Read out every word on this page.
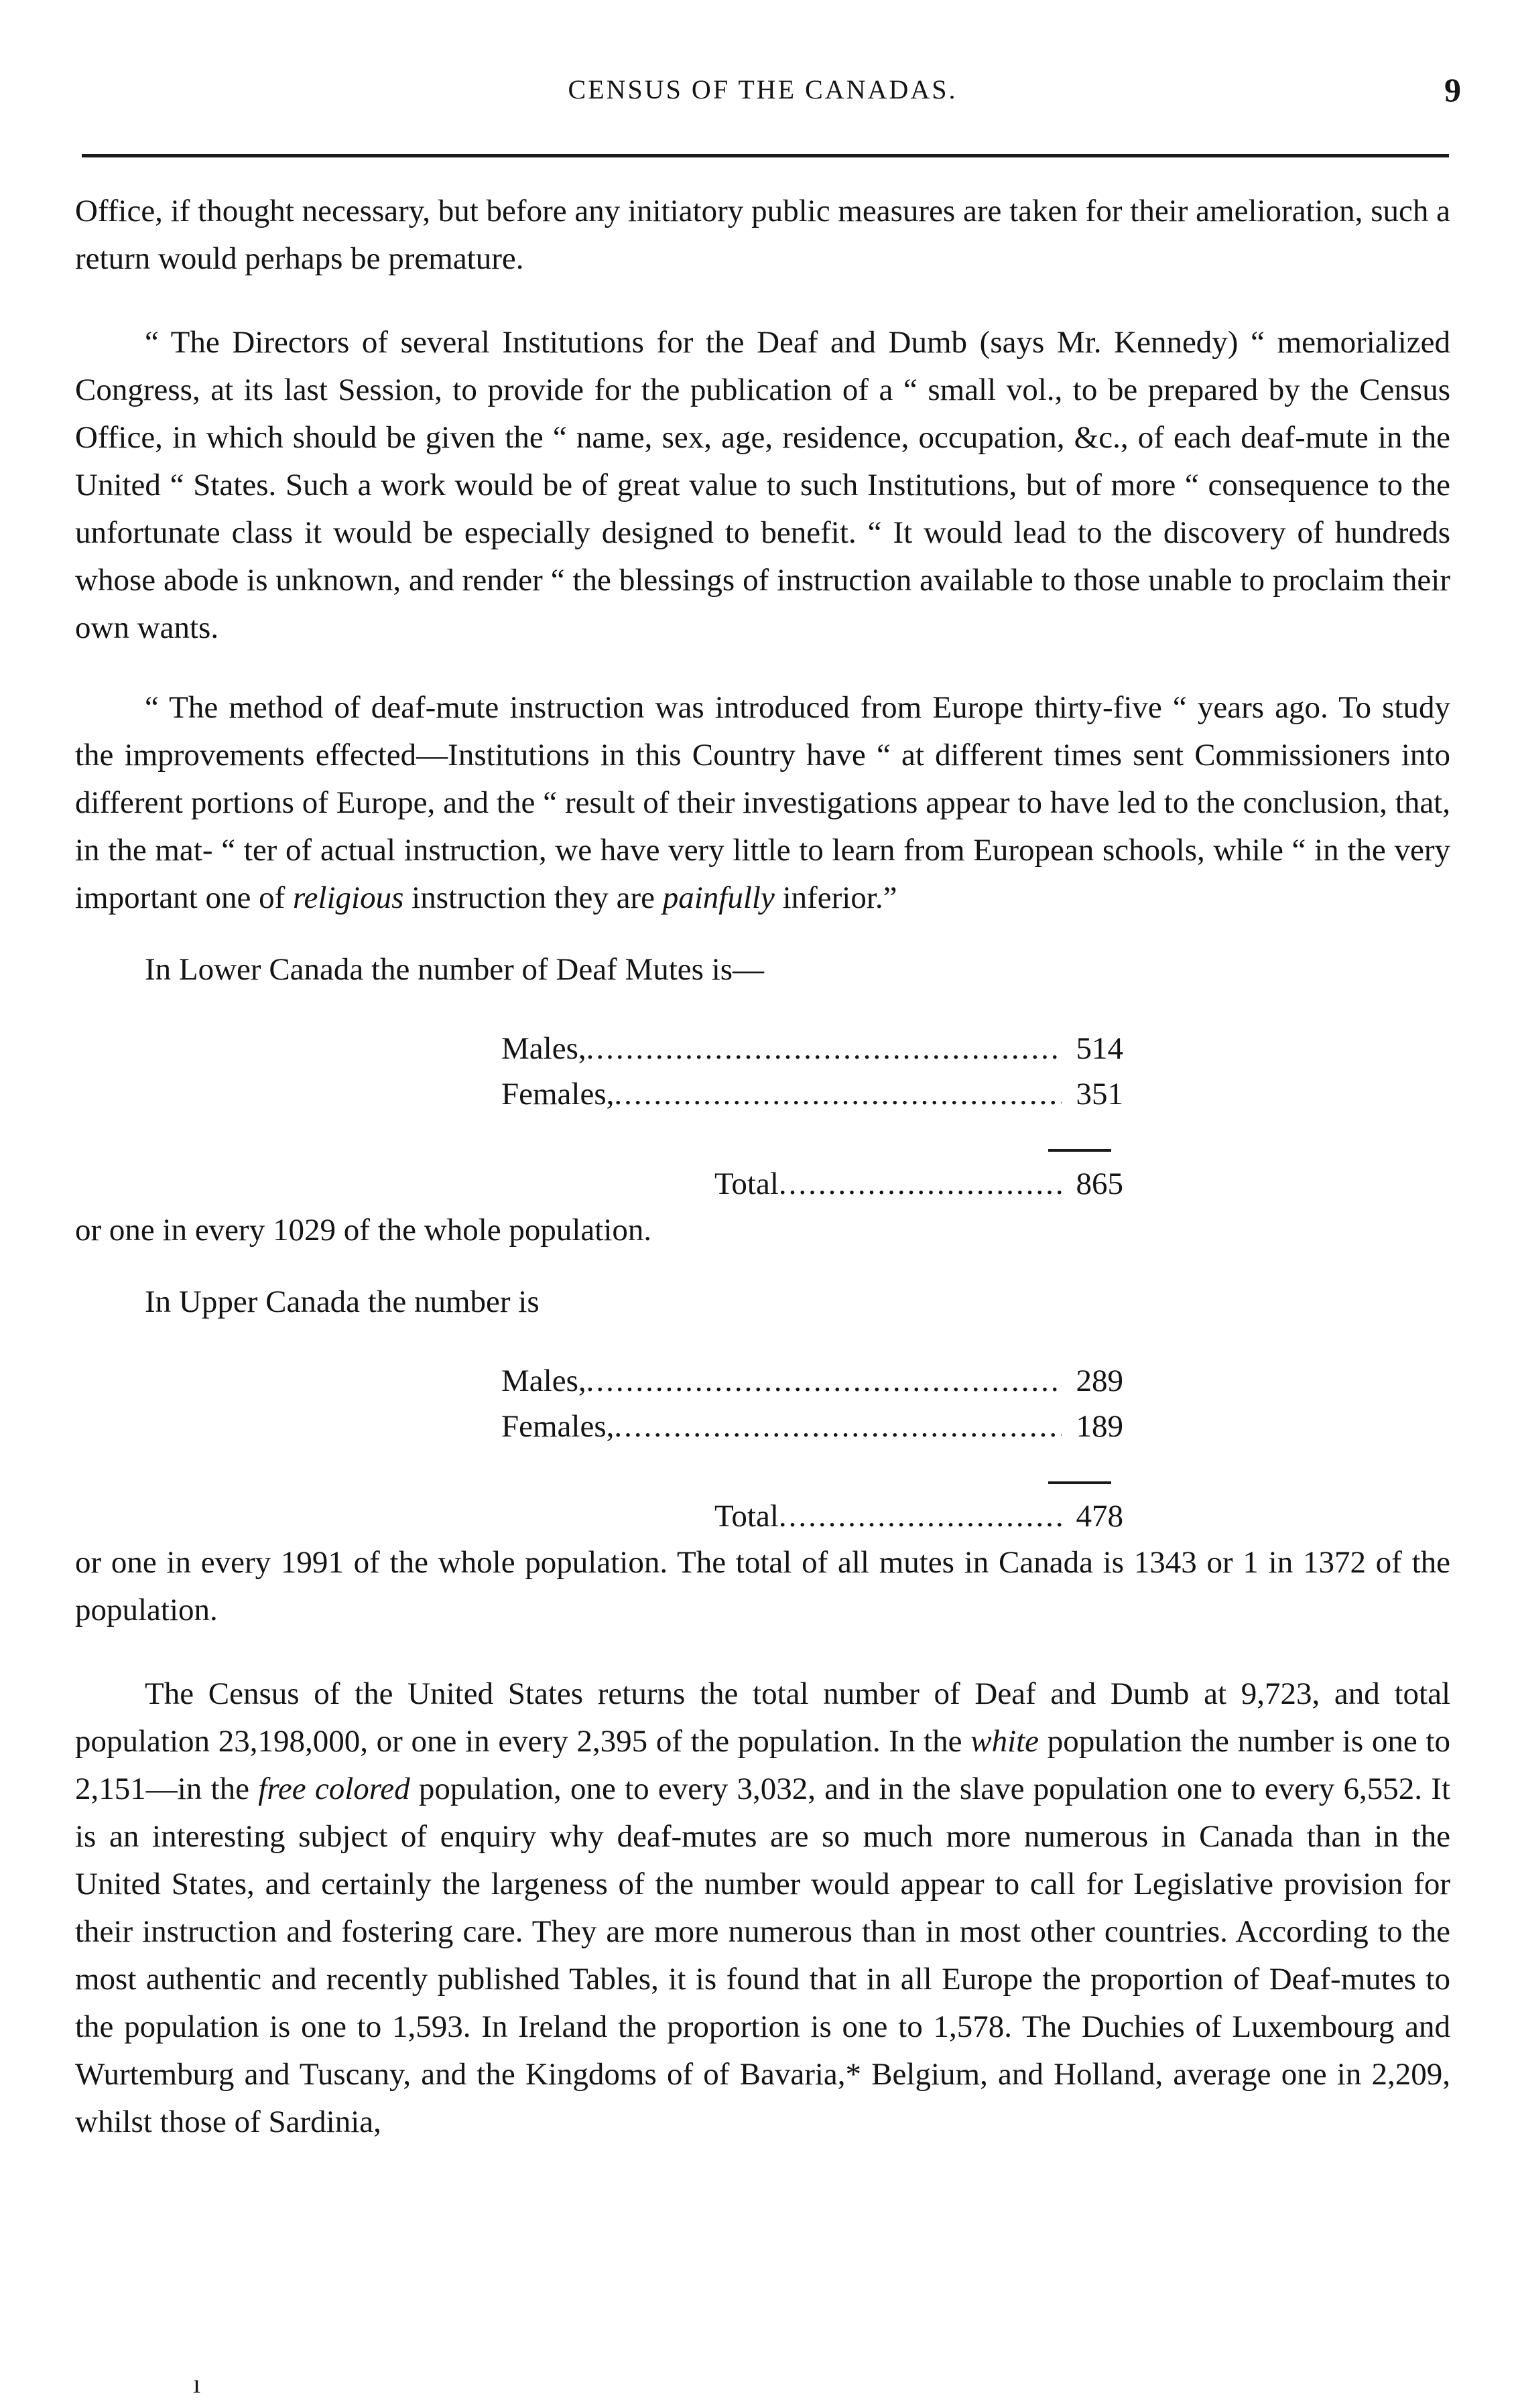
CENSUS OF THE CANADAS.	9

Office, if thought necessary, but before any initiatory public measures are taken for their amelioration, such a return would perhaps be premature.

“ The Directors of several Institutions for the Deaf and Dumb (says Mr. Kennedy) “ memorialized Congress, at its last Session, to provide for the publication of a “ small vol., to be prepared by the Census Office, in which should be given the “ name, sex, age, residence, occupation, &c., of each deaf-mute in the United “ States. Such a work would be of great value to such Institutions, but of more “ consequence to the unfortunate class it would be especially designed to benefit. “ It would lead to the discovery of hundreds whose abode is unknown, and render “ the blessings of instruction available to those unable to proclaim their own wants.

“ The method of deaf-mute instruction was introduced from Europe thirty-five “ years ago. To study the improvements effected—Institutions in this Country have “ at different times sent Commissioners into different portions of Europe, and the “ result of their investigations appear to have led to the conclusion, that, in the mat- “ ter of actual instruction, we have very little to learn from European schools, while “ in the very important one of religious instruction they are painfully inferior.”

In Lower Canada the number of Deaf Mutes is—

Males, .....	514
Females, .....	351
Total .....	865

or one in every 1029 of the whole population.

In Upper Canada the number is

Males, .....	289
Females, .....	189
Total .....	478

or one in every 1991 of the whole population. The total of all mutes in Canada is 1343 or 1 in 1372 of the population.

The Census of the United States returns the total number of Deaf and Dumb at 9,723, and total population 23,198,000, or one in every 2,395 of the population. In the white population the number is one to 2,151—in the free colored population, one to every 3,032, and in the slave population one to every 6,552. It is an interesting subject of enquiry why deaf-mutes are so much more numerous in Canada than in the United States, and certainly the largeness of the number would appear to call for Legislative provision for their instruction and fostering care. They are more numerous than in most other countries. According to the most authentic and recently published Tables, it is found that in all Europe the proportion of Deaf-mutes to the population is one to 1,593. In Ireland the proportion is one to 1,578. The Duchies of Luxembourg and Wurtemburg and Tuscany, and the Kingdoms of of Bavaria,* Belgium, and Holland, average one in 2,209, whilst those of Sardinia,

ı
